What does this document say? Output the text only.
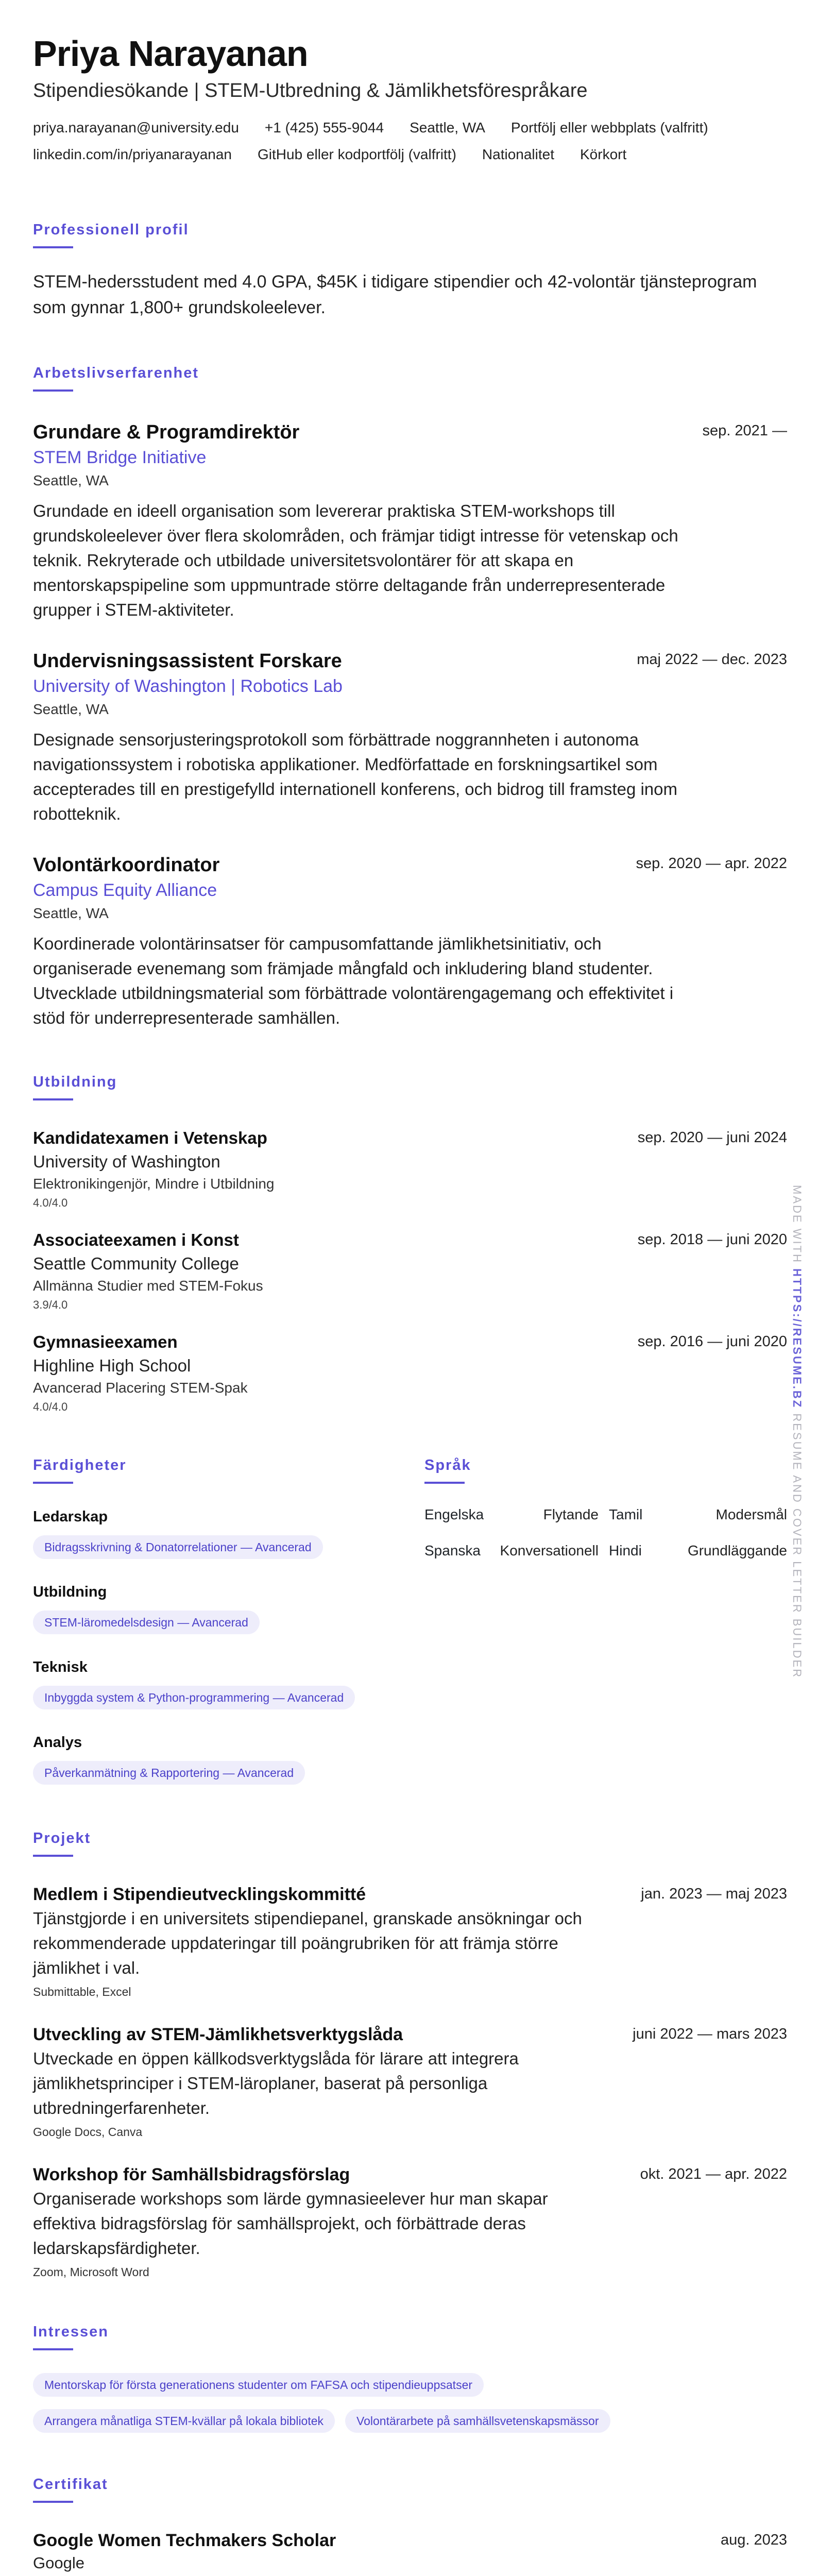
Priya Narayanan
Stipendiesökande | STEM-Utbredning & Jämlikhetsförespråkare
priya.narayanan@university.edu +1 (425) 555-9044 Seattle, WA Portfölj eller webbplats (valfritt)
linkedin.com/in/priyanarayanan GitHub eller kodportfölj (valfritt) Nationalitet Körkort
Professionell profil
STEM-hedersstudent med 4.0 GPA, $45K i tidigare stipendier och 42-volontär tjänsteprogram som gynnar 1,800+ grundskoleelever.
Arbetslivserfarenhet
Grundare & Programdirektör	sep. 2021 —
STEM Bridge Initiative
Seattle, WA
Grundade en ideell organisation som levererar praktiska STEM-workshops till grundskoleelever över flera skolområden, och främjar tidigt intresse för vetenskap och teknik. Rekryterade och utbildade universitetsvolontärer för att skapa en mentorskapspipeline som uppmuntrade större deltagande från underrepresenterade grupper i STEM-aktiviteter.
Undervisningsassistent Forskare	maj 2022 — dec. 2023
University of Washington | Robotics Lab
Seattle, WA
Designade sensorjusteringsprotokoll som förbättrade noggrannheten i autonoma navigationssystem i robotiska applikationer. Medförfattade en forskningsartikel som accepterades till en prestigefylld internationell konferens, och bidrog till framsteg inom robotteknik.
Volontärkoordinator	sep. 2020 — apr. 2022
Campus Equity Alliance
Seattle, WA
Koordinerade volontärinsatser för campusomfattande jämlikhetsinitiativ, och organiserade evenemang som främjade mångfald och inkludering bland studenter. Utvecklade utbildningsmaterial som förbättrade volontärengagemang och effektivitet i stöd för underrepresenterade samhällen.
Utbildning
Kandidatexamen i Vetenskap	sep. 2020 — juni 2024
University of Washington
Elektronikingenjör, Mindre i Utbildning
4.0/4.0
Associateexamen i Konst	sep. 2018 — juni 2020
Seattle Community College
Allmänna Studier med STEM-Fokus
3.9/4.0
Gymnasieexamen	sep. 2016 — juni 2020
Highline High School
Avancerad Placering STEM-Spak
4.0/4.0
Färdigheter
Ledarskap
Bidragsskrivning & Donatorrelationer — Avancerad
Utbildning
STEM-läromedelsdesign — Avancerad
Teknisk
Inbyggda system & Python-programmering — Avancerad
Analys
Påverkanmätning & Rapportering — Avancerad
Språk
Engelska	Flytande Tamil	Modersmål
Spanska	Konversationell Hindi	Grundläggande
Projekt
Medlem i Stipendieutvecklingskommitté	jan. 2023 — maj 2023
Tjänstgjorde i en universitets stipendiepanel, granskade ansökningar och rekommenderade uppdateringar till poängrubriken för att främja större jämlikhet i val.
Submittable, Excel
Utveckling av STEM-Jämlikhetsverktygslåda	juni 2022 — mars 2023
Utveckade en öppen källkodsverktygslåda för lärare att integrera jämlikhetsprinciper i STEM-läroplaner, baserat på personliga utbredningerfarenheter.
Google Docs, Canva
Workshop för Samhällsbidragsförslag	okt. 2021 — apr. 2022
Organiserade workshops som lärde gymnasieelever hur man skapar effektiva bidragsförslag för samhällsprojekt, och förbättrade deras ledarskapsfärdigheter.
Zoom, Microsoft Word
Intressen
Mentorskap för första generationens studenter om FAFSA och stipendieuppsatser
Arrangera månatliga STEM-kvällar på lokala bibliotek	Volontärarbete på samhällsvetenskapsmässor
Certifikat
Google Women Techmakers Scholar	aug. 2023
Google
MADE WITH HTTPS://RESUME.BZ RESUME AND COVER LETTER BUILDER
